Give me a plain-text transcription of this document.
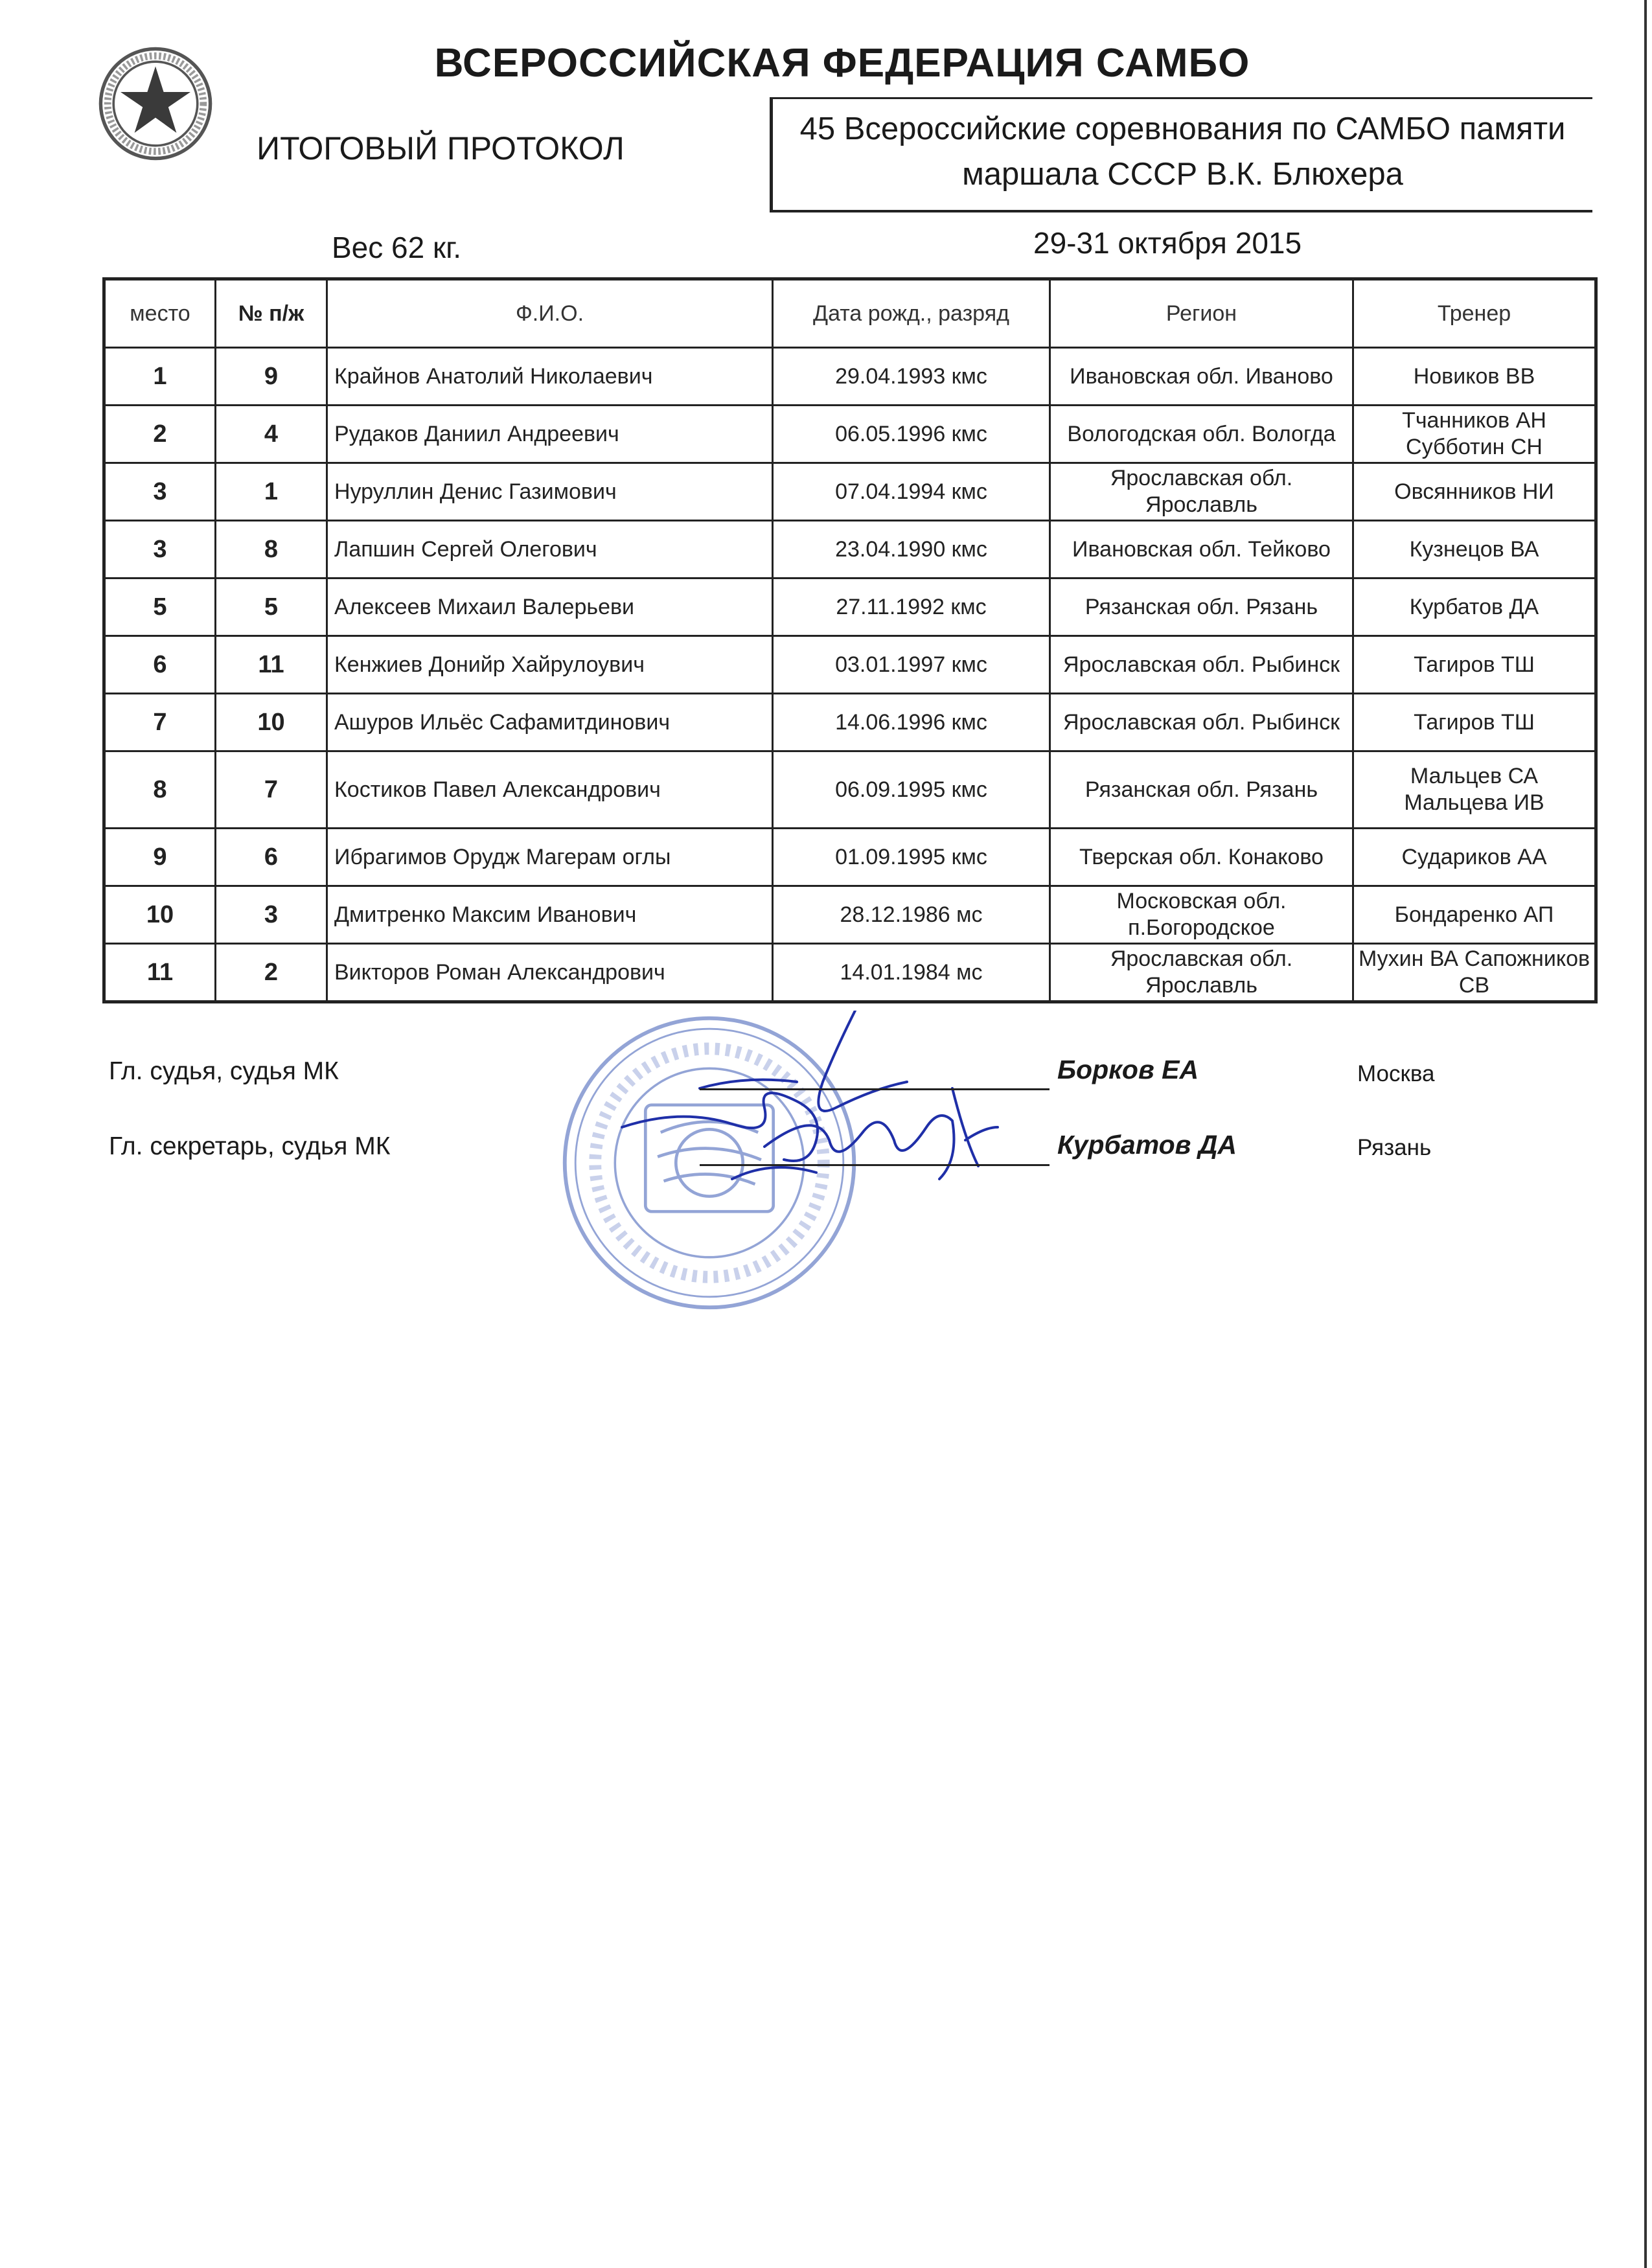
ВСЕРОССИЙСКАЯ ФЕДЕРАЦИЯ САМБО
ИТОГОВЫЙ ПРОТОКОЛ
45 Всероссийские соревнования по САМБО памяти
маршала СССР В.К. Блюхера
Вес 62 кг.	29-31 октября 2015
место	№ п/ж	Ф.И.О.	Дата рожд., разряд	Регион	Тренер
1	9	Крайнов Анатолий Николаевич	29.04.1993 кмс	Ивановская обл. Иваново	Новиков ВВ
2	4	Рудаков Даниил Андреевич	06.05.1996 кмс	Вологодская обл. Вологда	Тчанников АН Субботин СН
3	1	Нуруллин Денис Газимович	07.04.1994 кмс	Ярославская обл. Ярославль	Овсянников НИ
3	8	Лапшин Сергей Олегович	23.04.1990 кмс	Ивановская обл. Тейково	Кузнецов ВА
5	5	Алексеев Михаил Валерьеви	27.11.1992 кмс	Рязанская обл. Рязань	Курбатов ДА
6	11	Кенжиев Донийр Хайрулоувич	03.01.1997 кмс	Ярославская обл. Рыбинск	Тагиров ТШ
7	10	Ашуров Ильёс Сафамитдинович	14.06.1996 кмс	Ярославская обл. Рыбинск	Тагиров ТШ
8	7	Костиков Павел Александрович	06.09.1995 кмс	Рязанская обл. Рязань	Мальцев СА Мальцева ИВ
9	6	Ибрагимов Орудж Магерам оглы	01.09.1995 кмс	Тверская обл. Конаково	Судариков АА
10	3	Дмитренко Максим Иванович	28.12.1986 мс	Московская обл. п.Богородское	Бондаренко АП
11	2	Викторов Роман Александрович	14.01.1984 мс	Ярославская обл. Ярославль	Мухин ВА Сапожников СВ
Гл. судья, судья МК	Борков ЕА	Москва
Гл. секретарь, судья МК	Курбатов ДА	Рязань
